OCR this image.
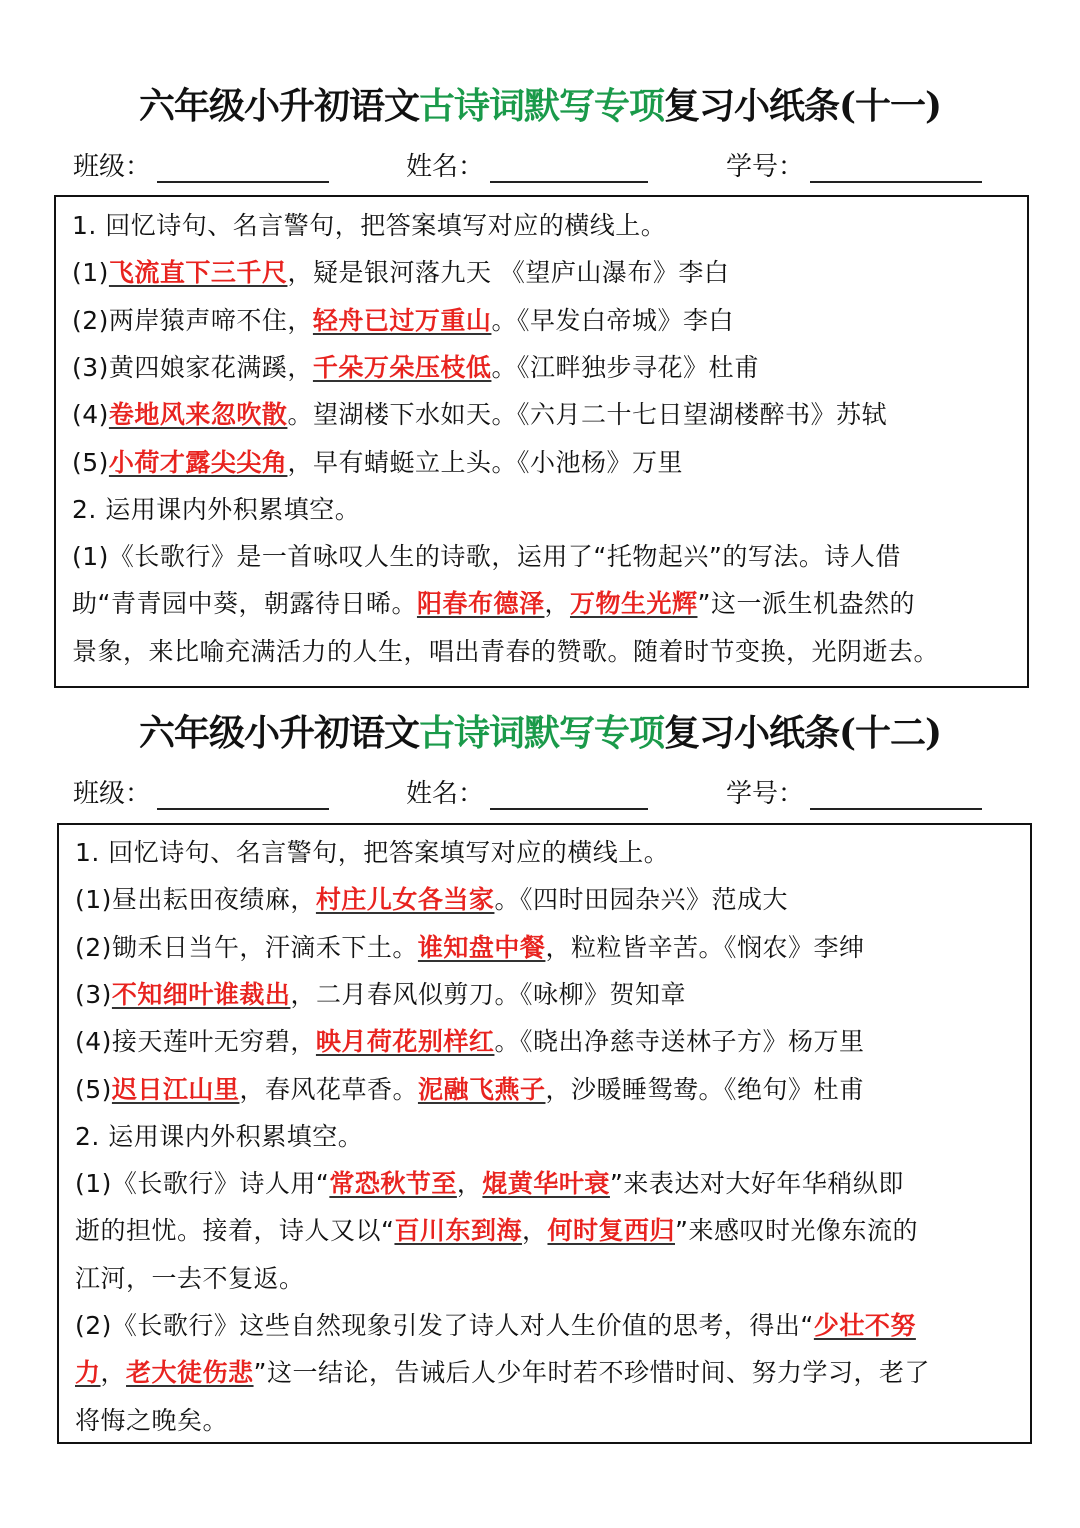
六年级小升初语文古诗词默写专项复习小纸条(十一)
班级：	姓名：	学号：
1. 回忆诗句、名言警句，把答案填写对应的横线上。
(1)飞流直下三千尺，疑是银河落九天 《望庐山瀑布》李白
(2)两岸猿声啼不住，轻舟已过万重山。《早发白帝城》李白
(3)黄四娘家花满蹊，千朵万朵压枝低。《江畔独步寻花》杜甫
(4)卷地风来忽吹散。望湖楼下水如天。《六月二十七日望湖楼醉书》苏轼
(5)小荷才露尖尖角，早有蜻蜓立上头。《小池杨》万里
2. 运用课内外积累填空。
(1)《长歌行》是一首咏叹人生的诗歌，运用了“托物起兴”的写法。诗人借
助“青青园中葵，朝露待日晞。阳春布德泽，万物生光辉”这一派生机盎然的
景象，来比喻充满活力的人生，唱出青春的赞歌。随着时节变换，光阴逝去。
六年级小升初语文古诗词默写专项复习小纸条(十二)
班级：	姓名：	学号：
1. 回忆诗句、名言警句，把答案填写对应的横线上。
(1)昼出耘田夜绩麻，村庄儿女各当家。《四时田园杂兴》范成大
(2)锄禾日当午，汗滴禾下土。谁知盘中餐，粒粒皆辛苦。《悯农》李绅
(3)不知细叶谁裁出，二月春风似剪刀。《咏柳》贺知章
(4)接天莲叶无穷碧，映月荷花别样红。《晓出净慈寺送林子方》杨万里
(5)迟日江山里，春风花草香。泥融飞燕子，沙暖睡鸳鸯。《绝句》杜甫
2. 运用课内外积累填空。
(1)《长歌行》诗人用“常恐秋节至，焜黄华叶衰”来表达对大好年华稍纵即
逝的担忧。接着，诗人又以“百川东到海，何时复西归”来感叹时光像东流的
江河，一去不复返。
(2)《长歌行》这些自然现象引发了诗人对人生价值的思考，得出“少壮不努
力，老大徒伤悲”这一结论，告诫后人少年时若不珍惜时间、努力学习，老了
将悔之晚矣。
